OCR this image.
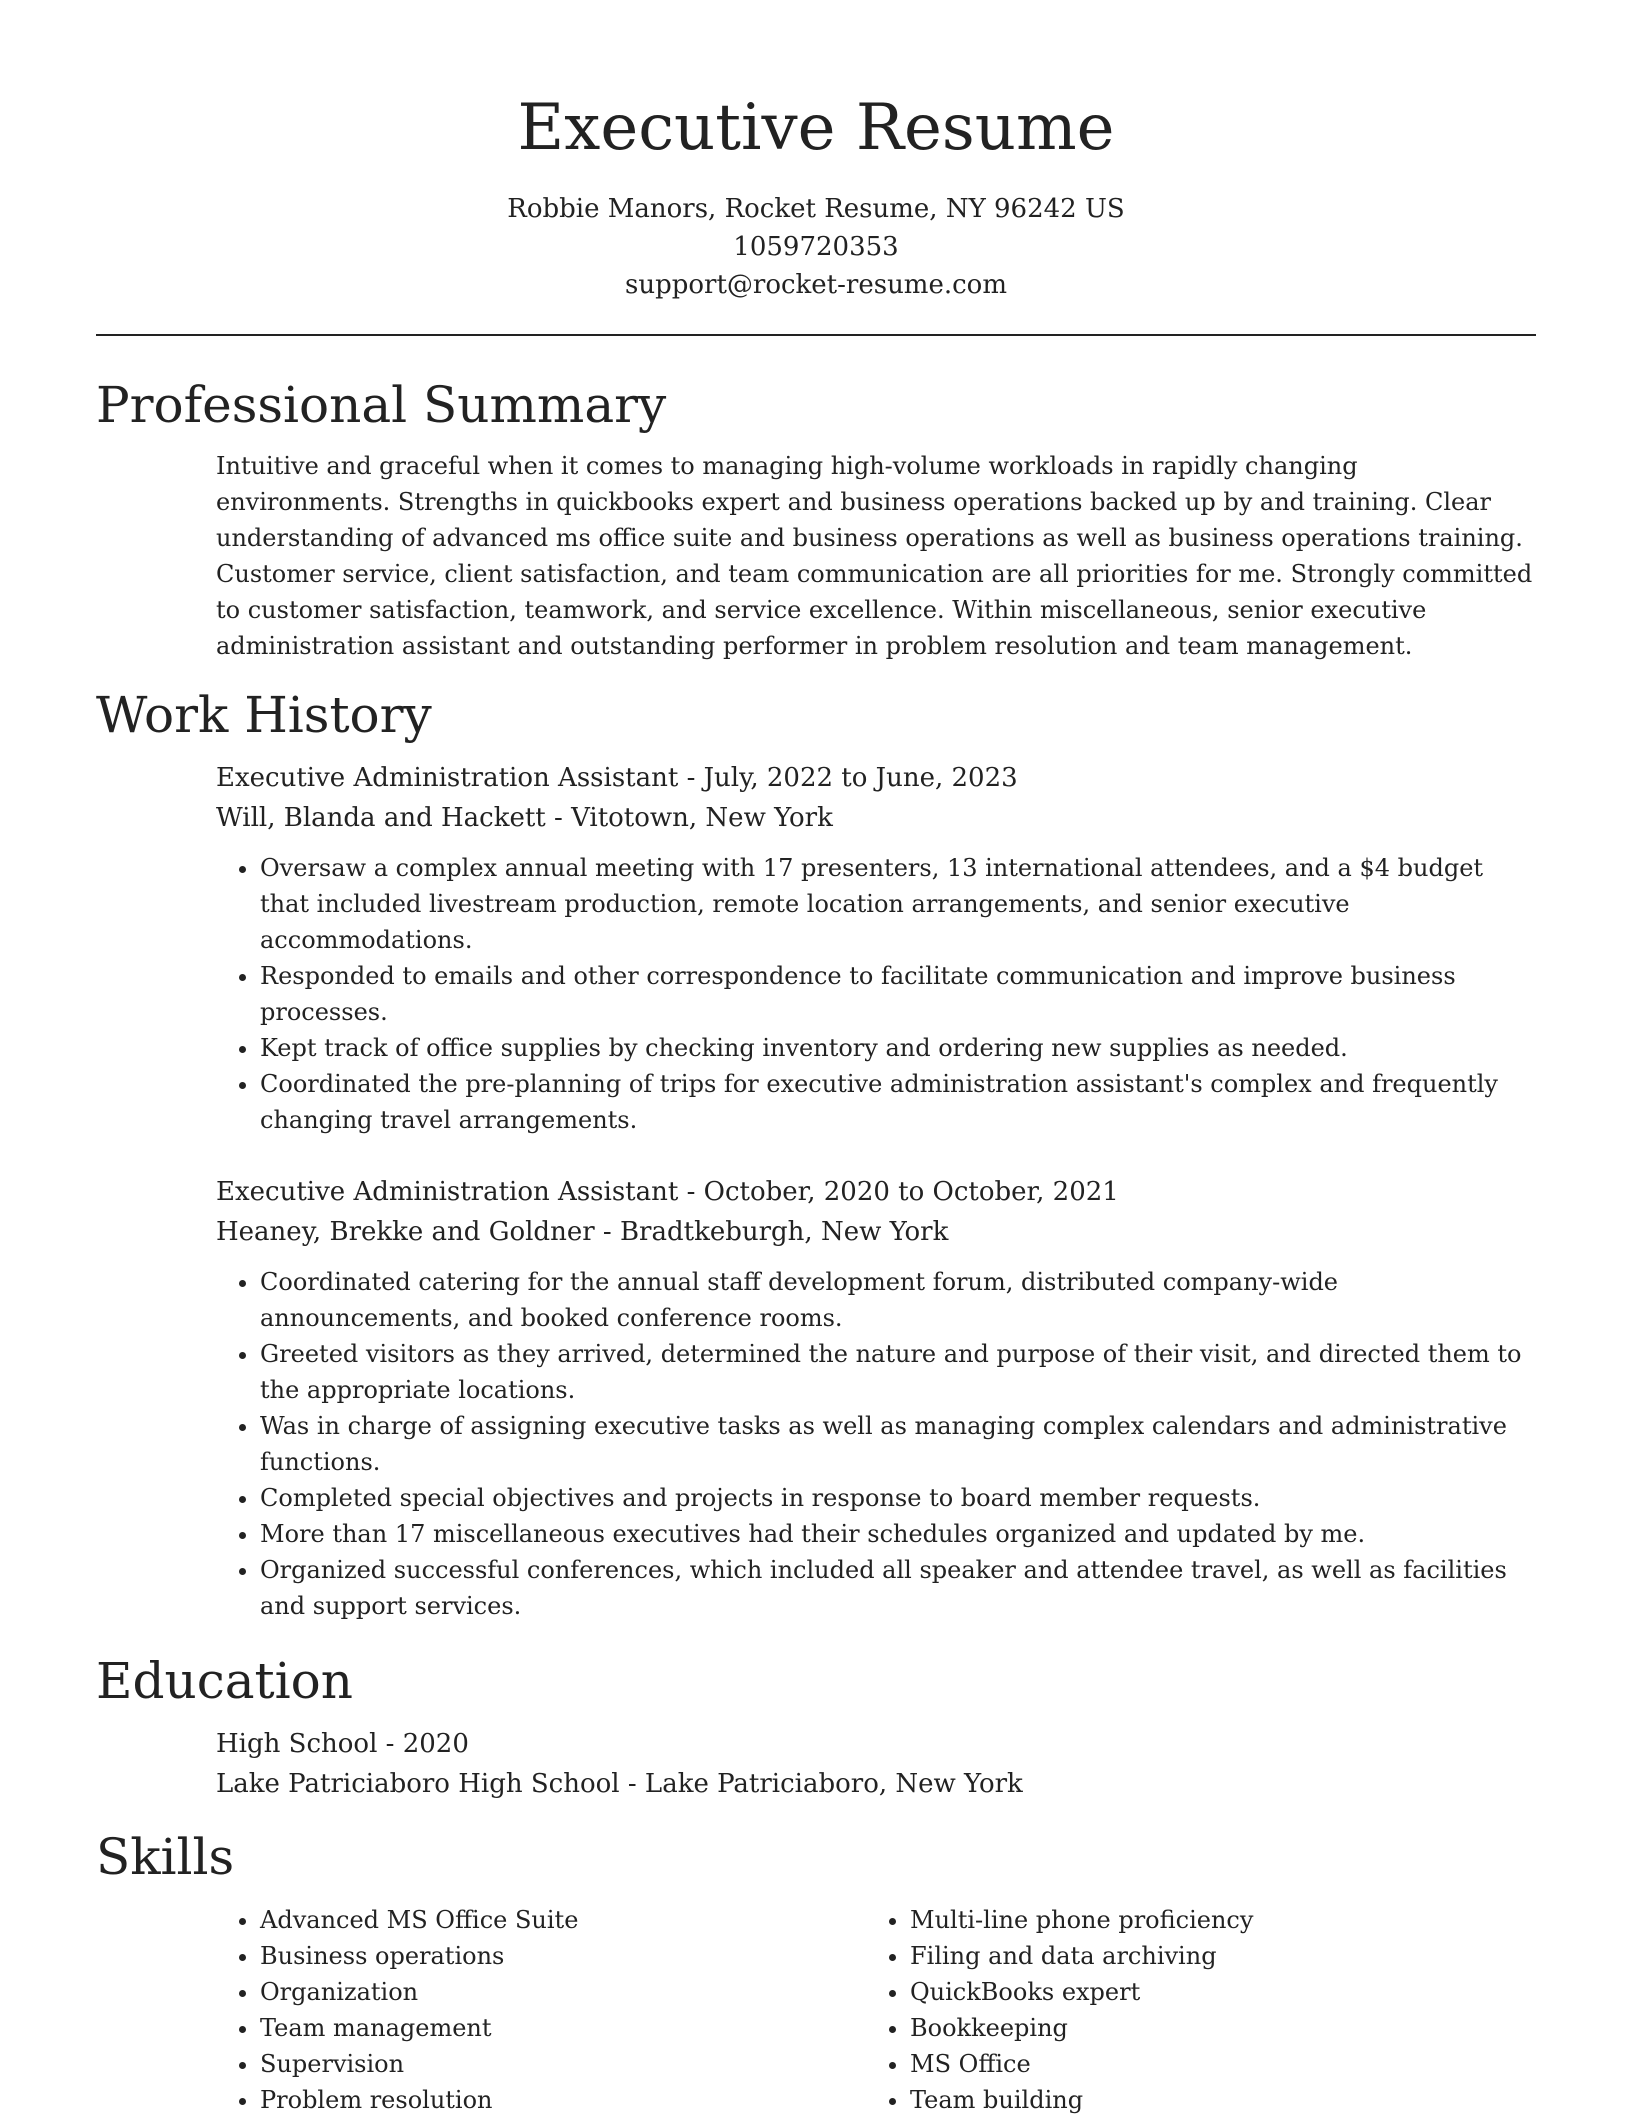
Executive Resume
Robbie Manors, Rocket Resume, NY 96242 US
1059720353
support@rocket-resume.com
Professional Summary
Intuitive and graceful when it comes to managing high-volume workloads in rapidly changing environments. Strengths in quickbooks expert and business operations backed up by and training. Clear understanding of advanced ms office suite and business operations as well as business operations training. Customer service, client satisfaction, and team communication are all priorities for me. Strongly committed to customer satisfaction, teamwork, and service excellence. Within miscellaneous, senior executive administration assistant and outstanding performer in problem resolution and team management.
Work History
Executive Administration Assistant - July, 2022 to June, 2023
Will, Blanda and Hackett - Vitotown, New York
• Oversaw a complex annual meeting with 17 presenters, 13 international attendees, and a $4 budget that included livestream production, remote location arrangements, and senior executive accommodations.
• Responded to emails and other correspondence to facilitate communication and improve business processes.
• Kept track of office supplies by checking inventory and ordering new supplies as needed.
• Coordinated the pre-planning of trips for executive administration assistant's complex and frequently changing travel arrangements.
Executive Administration Assistant - October, 2020 to October, 2021
Heaney, Brekke and Goldner - Bradtkeburgh, New York
• Coordinated catering for the annual staff development forum, distributed company-wide announcements, and booked conference rooms.
• Greeted visitors as they arrived, determined the nature and purpose of their visit, and directed them to the appropriate locations.
• Was in charge of assigning executive tasks as well as managing complex calendars and administrative functions.
• Completed special objectives and projects in response to board member requests.
• More than 17 miscellaneous executives had their schedules organized and updated by me.
• Organized successful conferences, which included all speaker and attendee travel, as well as facilities and support services.
Education
High School - 2020
Lake Patriciaboro High School - Lake Patriciaboro, New York
Skills
• Advanced MS Office Suite
• Business operations
• Organization
• Team management
• Supervision
• Problem resolution
• Multi-line phone proficiency
• Filing and data archiving
• QuickBooks expert
• Bookkeeping
• MS Office
• Team building
